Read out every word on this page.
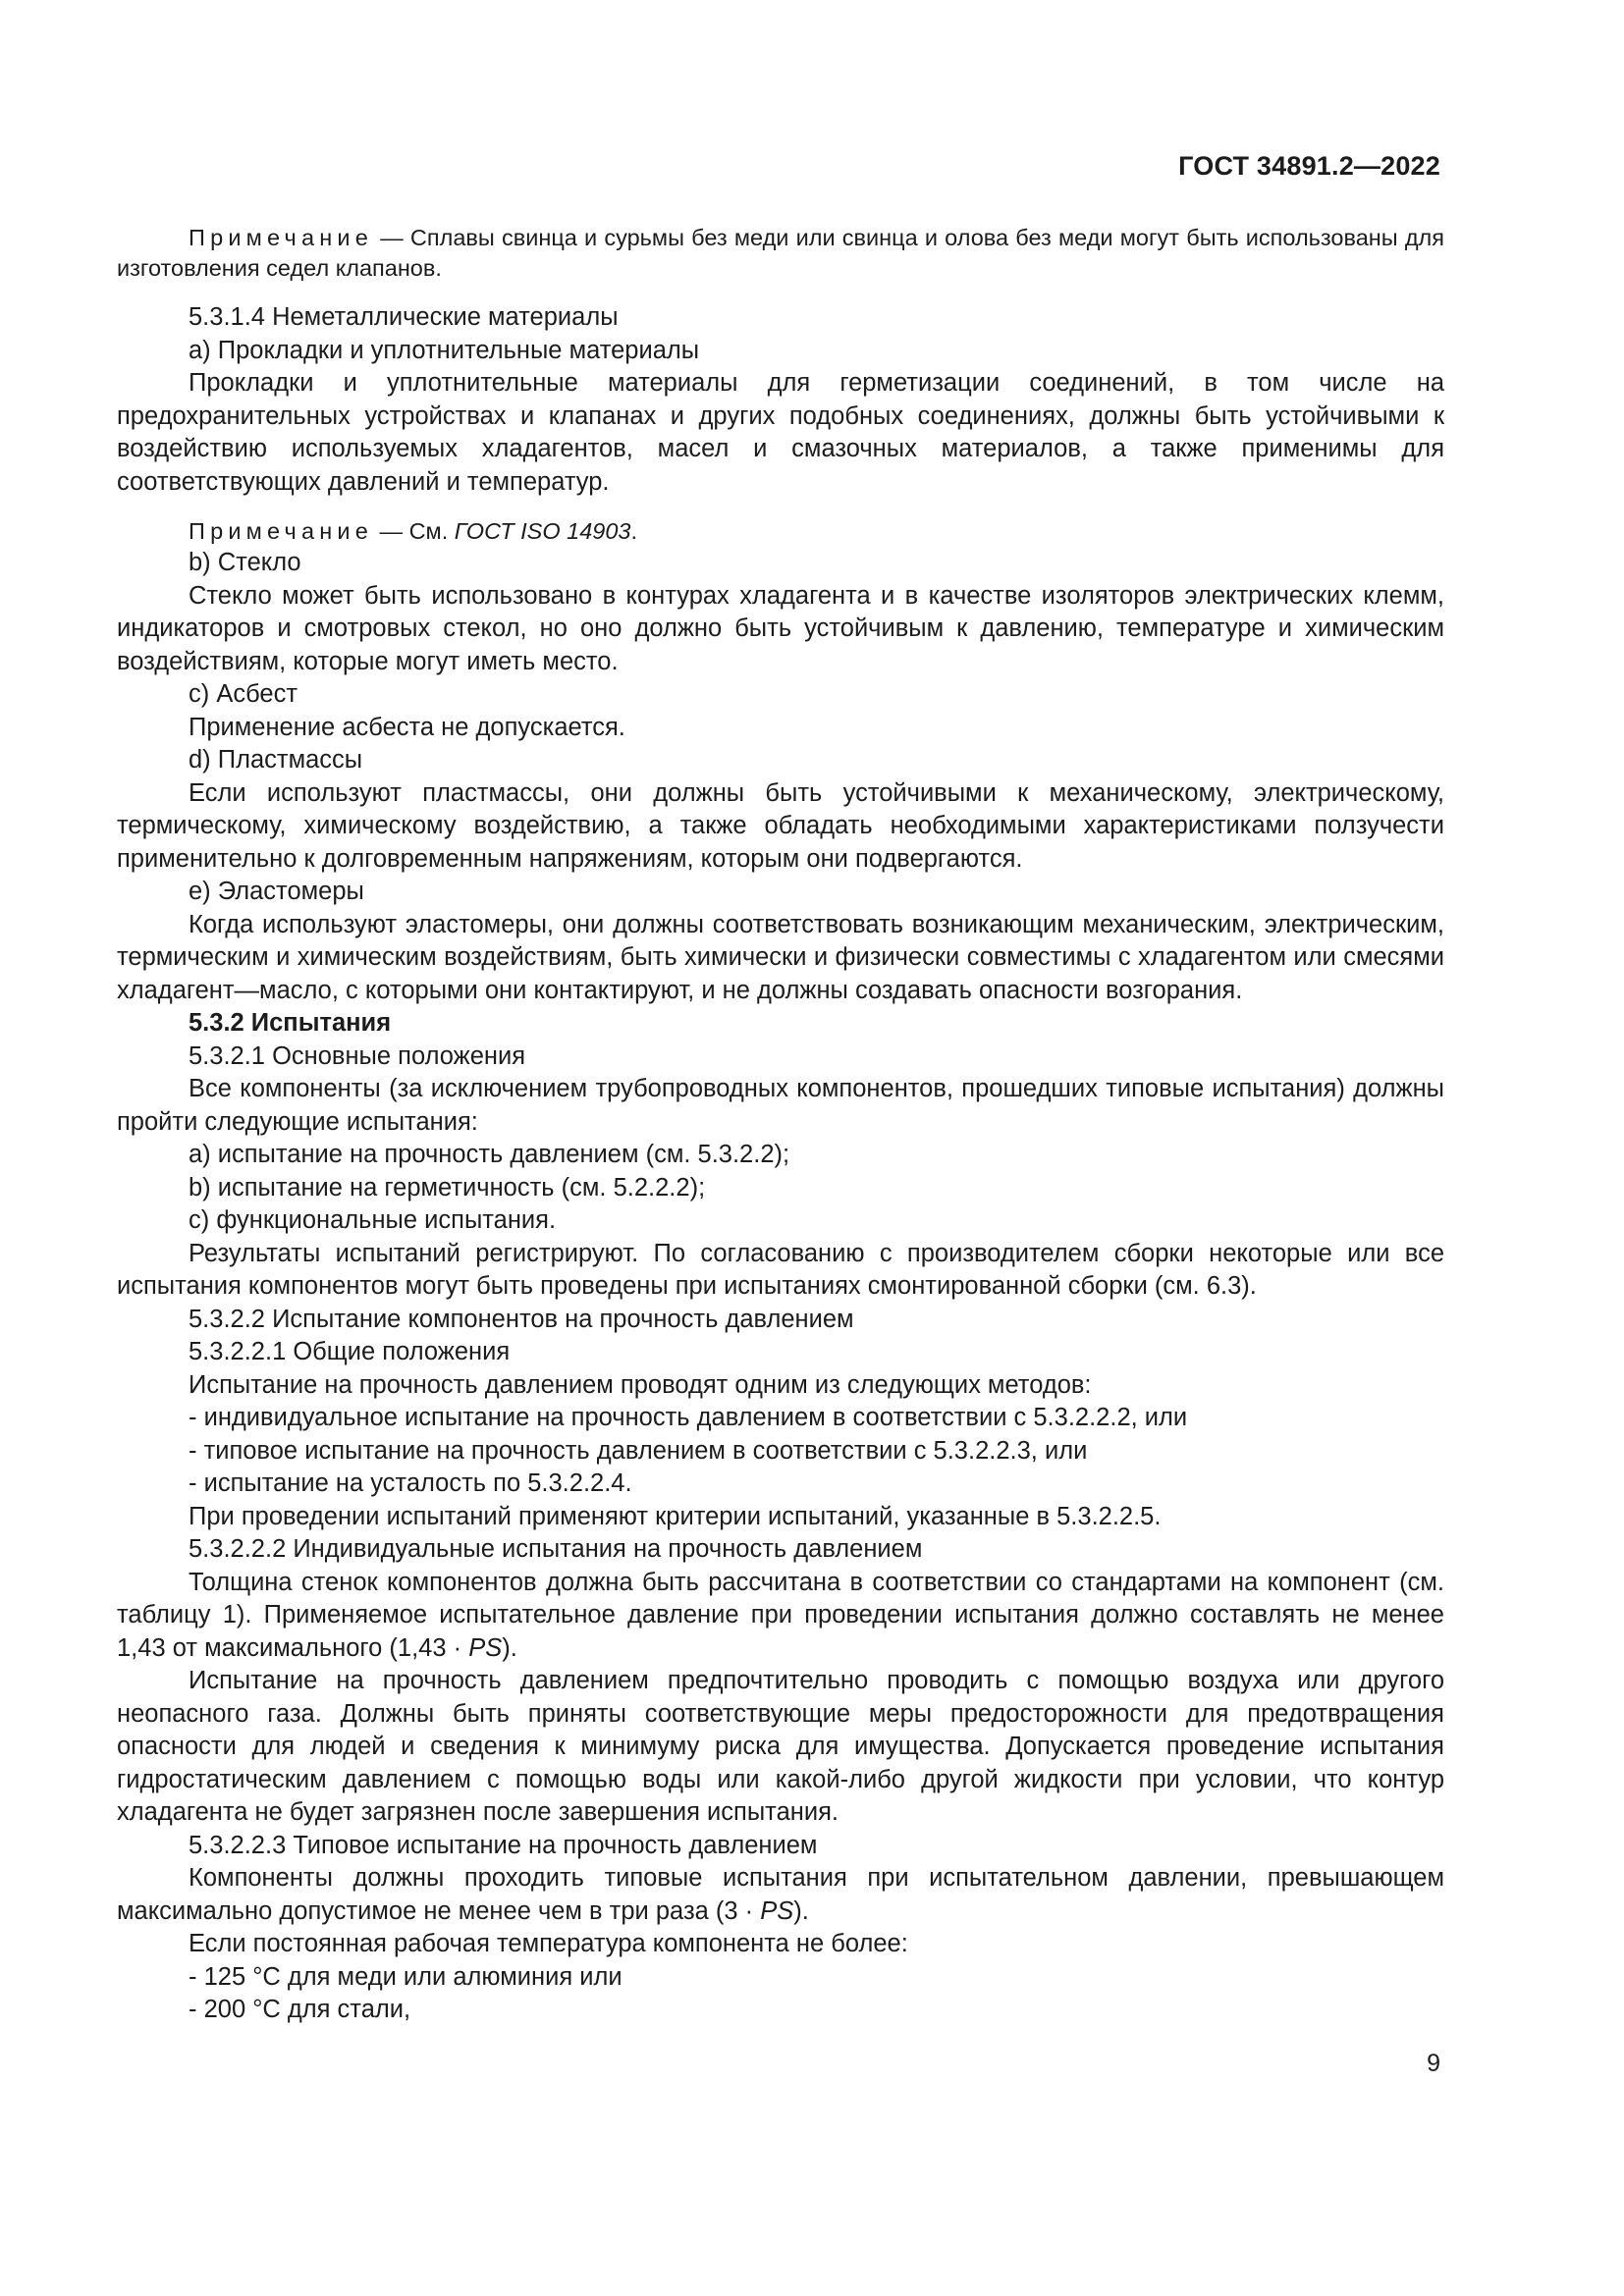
ГОСТ 34891.2—2022

Примечание — Сплавы свинца и сурьмы без меди или свинца и олова без меди могут быть использованы для изготовления седел клапанов.

5.3.1.4 Неметаллические материалы

a) Прокладки и уплотнительные материалы

Прокладки и уплотнительные материалы для герметизации соединений, в том числе на предохранительных устройствах и клапанах и других подобных соединениях, должны быть устойчивыми к воздействию используемых хладагентов, масел и смазочных материалов, а также применимы для соответствующих давлений и температур.

Примечание — См. ГОСТ ISO 14903.

b) Стекло

Стекло может быть использовано в контурах хладагента и в качестве изоляторов электрических клемм, индикаторов и смотровых стекол, но оно должно быть устойчивым к давлению, температуре и химическим воздействиям, которые могут иметь место.

c) Асбест

Применение асбеста не допускается.

d) Пластмассы

Если используют пластмассы, они должны быть устойчивыми к механическому, электрическому, термическому, химическому воздействию, а также обладать необходимыми характеристиками ползучести применительно к долговременным напряжениям, которым они подвергаются.

e) Эластомеры

Когда используют эластомеры, они должны соответствовать возникающим механическим, электрическим, термическим и химическим воздействиям, быть химически и физически совместимы с хладагентом или смесями хладагент—масло, с которыми они контактируют, и не должны создавать опасности возгорания.

5.3.2 Испытания

5.3.2.1 Основные положения

Все компоненты (за исключением трубопроводных компонентов, прошедших типовые испытания) должны пройти следующие испытания:

a) испытание на прочность давлением (см. 5.3.2.2);

b) испытание на герметичность (см. 5.2.2.2);

c) функциональные испытания.

Результаты испытаний регистрируют. По согласованию с производителем сборки некоторые или все испытания компонентов могут быть проведены при испытаниях смонтированной сборки (см. 6.3).

5.3.2.2 Испытание компонентов на прочность давлением

5.3.2.2.1 Общие положения

Испытание на прочность давлением проводят одним из следующих методов:

- индивидуальное испытание на прочность давлением в соответствии с 5.3.2.2.2, или

- типовое испытание на прочность давлением в соответствии с 5.3.2.2.3, или

- испытание на усталость по 5.3.2.2.4.

При проведении испытаний применяют критерии испытаний, указанные в 5.3.2.2.5.

5.3.2.2.2 Индивидуальные испытания на прочность давлением

Толщина стенок компонентов должна быть рассчитана в соответствии со стандартами на компонент (см. таблицу 1). Применяемое испытательное давление при проведении испытания должно составлять не менее 1,43 от максимального (1,43 · PS).

Испытание на прочность давлением предпочтительно проводить с помощью воздуха или другого неопасного газа. Должны быть приняты соответствующие меры предосторожности для предотвращения опасности для людей и сведения к минимуму риска для имущества. Допускается проведение испытания гидростатическим давлением с помощью воды или какой-либо другой жидкости при условии, что контур хладагента не будет загрязнен после завершения испытания.

5.3.2.2.3 Типовое испытание на прочность давлением

Компоненты должны проходить типовые испытания при испытательном давлении, превышающем максимально допустимое не менее чем в три раза (3 · PS).

Если постоянная рабочая температура компонента не более:

- 125 °С для меди или алюминия или

- 200 °С для стали,

9
